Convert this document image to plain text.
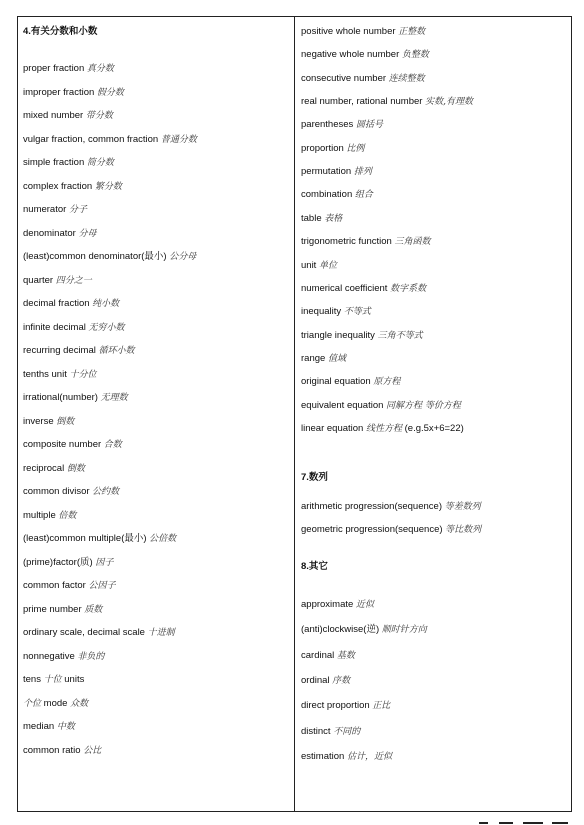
4.有关分数和小数
proper fraction 真分数
improper fraction 假分数
mixed number 带分数
vulgar fraction, common fraction 普通分数
simple fraction 简分数
complex fraction 繁分数
numerator 分子
denominator 分母
(least)common denominator(最小) 公分母
quarter 四分之一
decimal fraction 纯小数
infinite decimal 无穷小数
recurring decimal 循环小数
tenths unit 十分位
irrational(number) 无理数
inverse 倒数
composite number 合数
reciprocal 倒数
common divisor 公约数
multiple 倍数
(least)common multiple(最小) 公倍数
(prime)factor(质) 因子
common factor 公因子
prime number 质数
ordinary scale, decimal scale 十进制
nonnegative 非负的
tens 十位 units
个位 mode 众数
median 中数
common ratio 公比
7.数列
8.其它
positive whole number 正整数
negative whole number 负整数
consecutive number 连续整数
real number, rational number 实数,有理数
parentheses 圆括号
proportion 比例
permutation 排列
combination 组合
table 表格
trigonometric function 三角函数
unit 单位
numerical coefficient 数字系数
inequality 不等式
triangle inequality 三角不等式
range 值域
original equation 原方程
equivalent equation 同解方程 等价方程
linear equation 线性方程 (e.g.5x+6=22)
arithmetic progression(sequence) 等差数列
geometric progression(sequence) 等比数列
approximate 近似
(anti)clockwise(逆) 顺时针方向
cardinal 基数
ordinal 序数
direct proportion 正比
distinct 不同的
estimation 估计，近似
